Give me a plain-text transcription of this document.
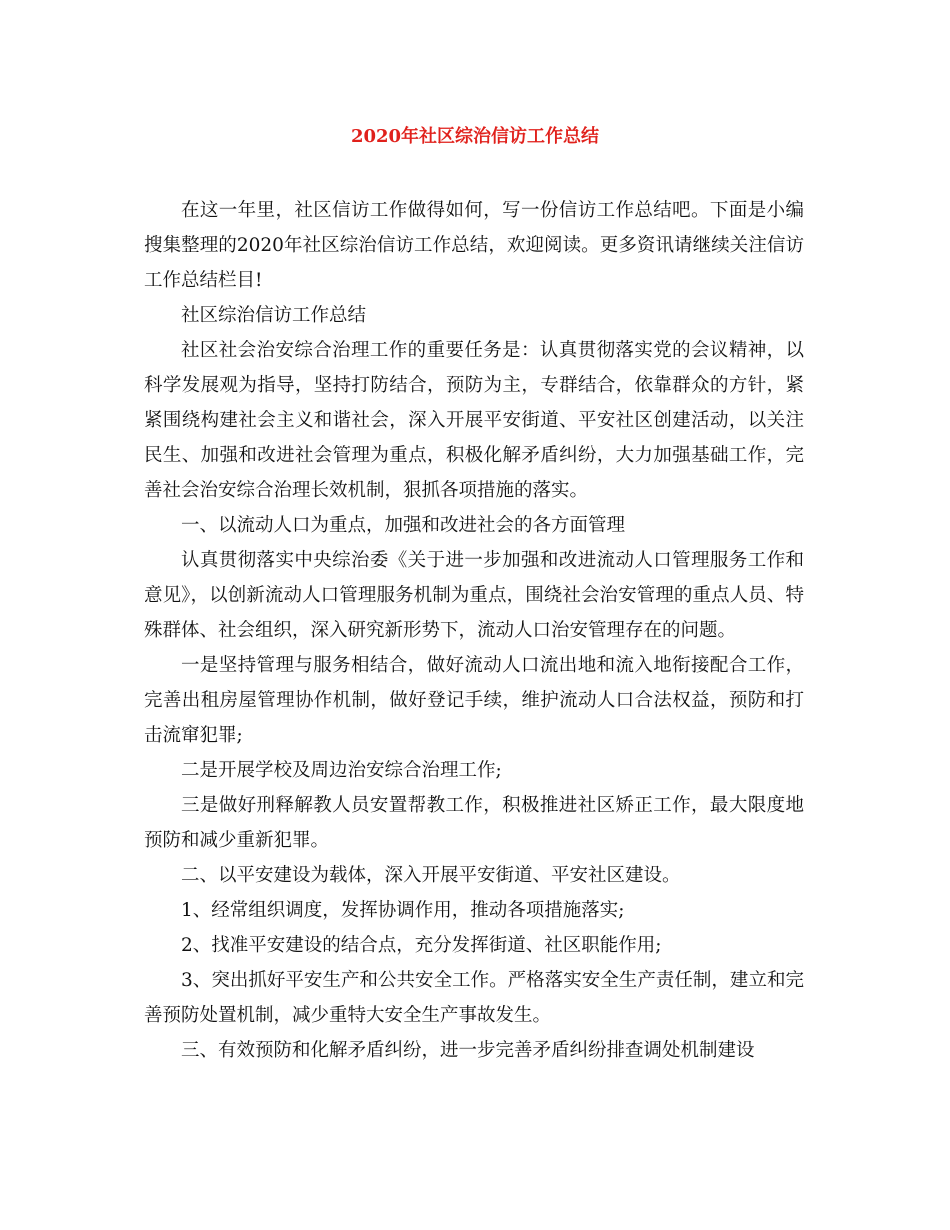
2020年社区综治信访工作总结

在这一年里，社区信访工作做得如何，写一份信访工作总结吧。下面是小编搜集整理的2020年社区综治信访工作总结，欢迎阅读。更多资讯请继续关注信访工作总结栏目!

社区综治信访工作总结

社区社会治安综合治理工作的重要任务是：认真贯彻落实党的会议精神，以科学发展观为指导，坚持打防结合，预防为主，专群结合，依靠群众的方针，紧紧围绕构建社会主义和谐社会，深入开展平安街道、平安社区创建活动，以关注民生、加强和改进社会管理为重点，积极化解矛盾纠纷，大力加强基础工作，完善社会治安综合治理长效机制，狠抓各项措施的落实。

一、以流动人口为重点，加强和改进社会的各方面管理

认真贯彻落实中央综治委《关于进一步加强和改进流动人口管理服务工作和意见》，以创新流动人口管理服务机制为重点，围绕社会治安管理的重点人员、特殊群体、社会组织，深入研究新形势下，流动人口治安管理存在的问题。

一是坚持管理与服务相结合，做好流动人口流出地和流入地衔接配合工作，完善出租房屋管理协作机制，做好登记手续，维护流动人口合法权益，预防和打击流窜犯罪;

二是开展学校及周边治安综合治理工作;

三是做好刑释解教人员安置帮教工作，积极推进社区矫正工作，最大限度地预防和减少重新犯罪。

二、以平安建设为载体，深入开展平安街道、平安社区建设。

1、经常组织调度，发挥协调作用，推动各项措施落实;

2、找准平安建设的结合点，充分发挥街道、社区职能作用;

3、突出抓好平安生产和公共安全工作。严格落实安全生产责任制，建立和完善预防处置机制，减少重特大安全生产事故发生。

三、有效预防和化解矛盾纠纷，进一步完善矛盾纠纷排查调处机制建设
